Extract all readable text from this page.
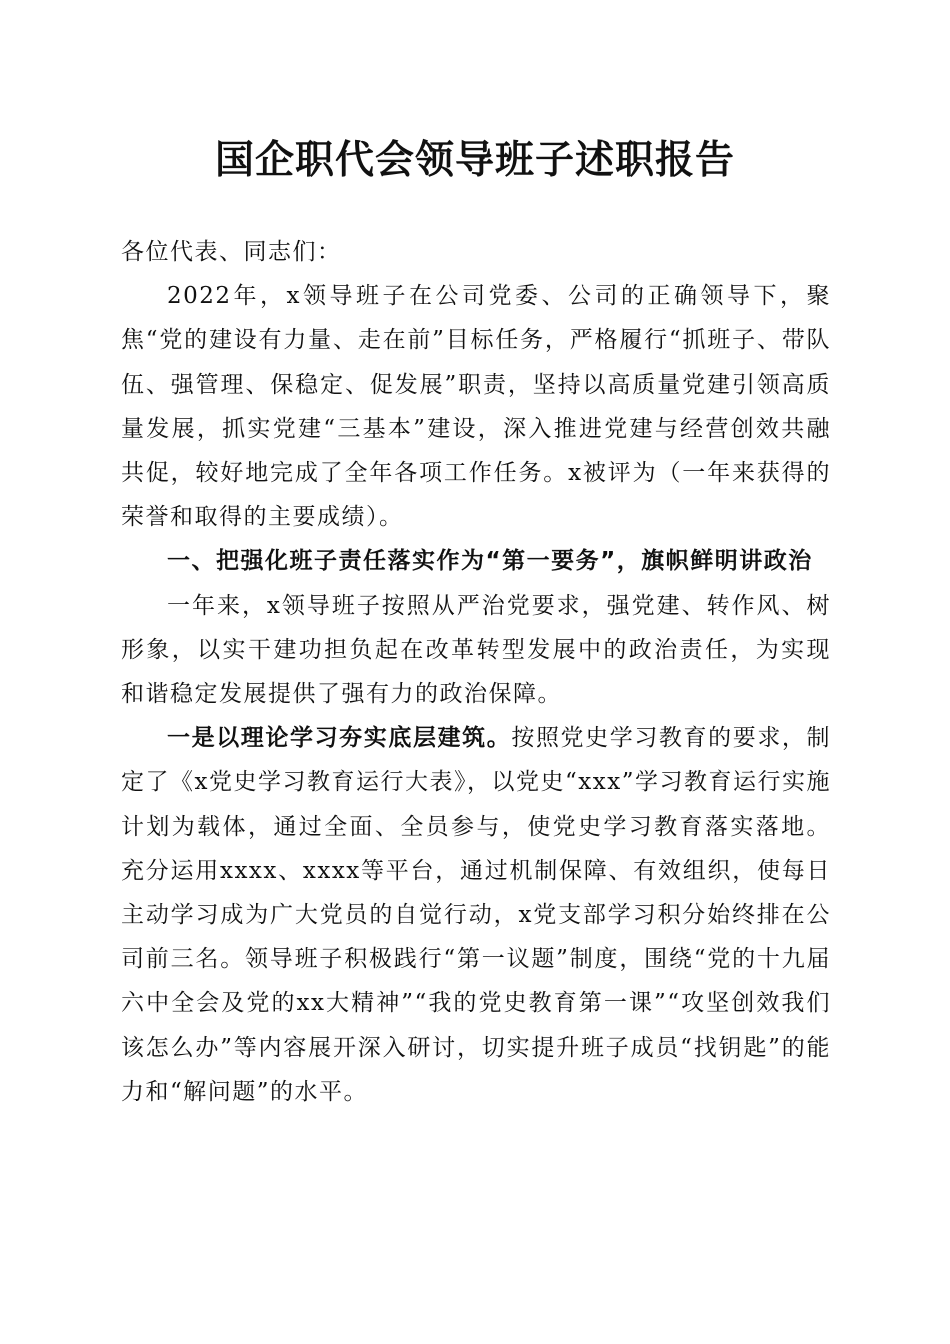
国企职代会领导班子述职报告

各位代表、同志们：

2022年，x领导班子在公司党委、公司的正确领导下，聚焦“党的建设有力量、走在前”目标任务，严格履行“抓班子、带队伍、强管理、保稳定、促发展”职责，坚持以高质量党建引领高质量发展，抓实党建“三基本”建设，深入推进党建与经营创效共融共促，较好地完成了全年各项工作任务。x被评为（一年来获得的荣誉和取得的主要成绩）。

一、把强化班子责任落实作为“第一要务”，旗帜鲜明讲政治

一年来，x领导班子按照从严治党要求，强党建、转作风、树形象，以实干建功担负起在改革转型发展中的政治责任，为实现和谐稳定发展提供了强有力的政治保障。

一是以理论学习夯实底层建筑。按照党史学习教育的要求，制定了《x党史学习教育运行大表》，以党史“xxx”学习教育运行实施计划为载体，通过全面、全员参与，使党史学习教育落实落地。充分运用xxxx、xxxx等平台，通过机制保障、有效组织，使每日主动学习成为广大党员的自觉行动，x党支部学习积分始终排在公司前三名。领导班子积极践行“第一议题”制度，围绕“党的十九届六中全会及党的xx大精神”“我的党史教育第一课”“攻坚创效我们该怎么办”等内容展开深入研讨，切实提升班子成员“找钥匙”的能力和“解问题”的水平。
